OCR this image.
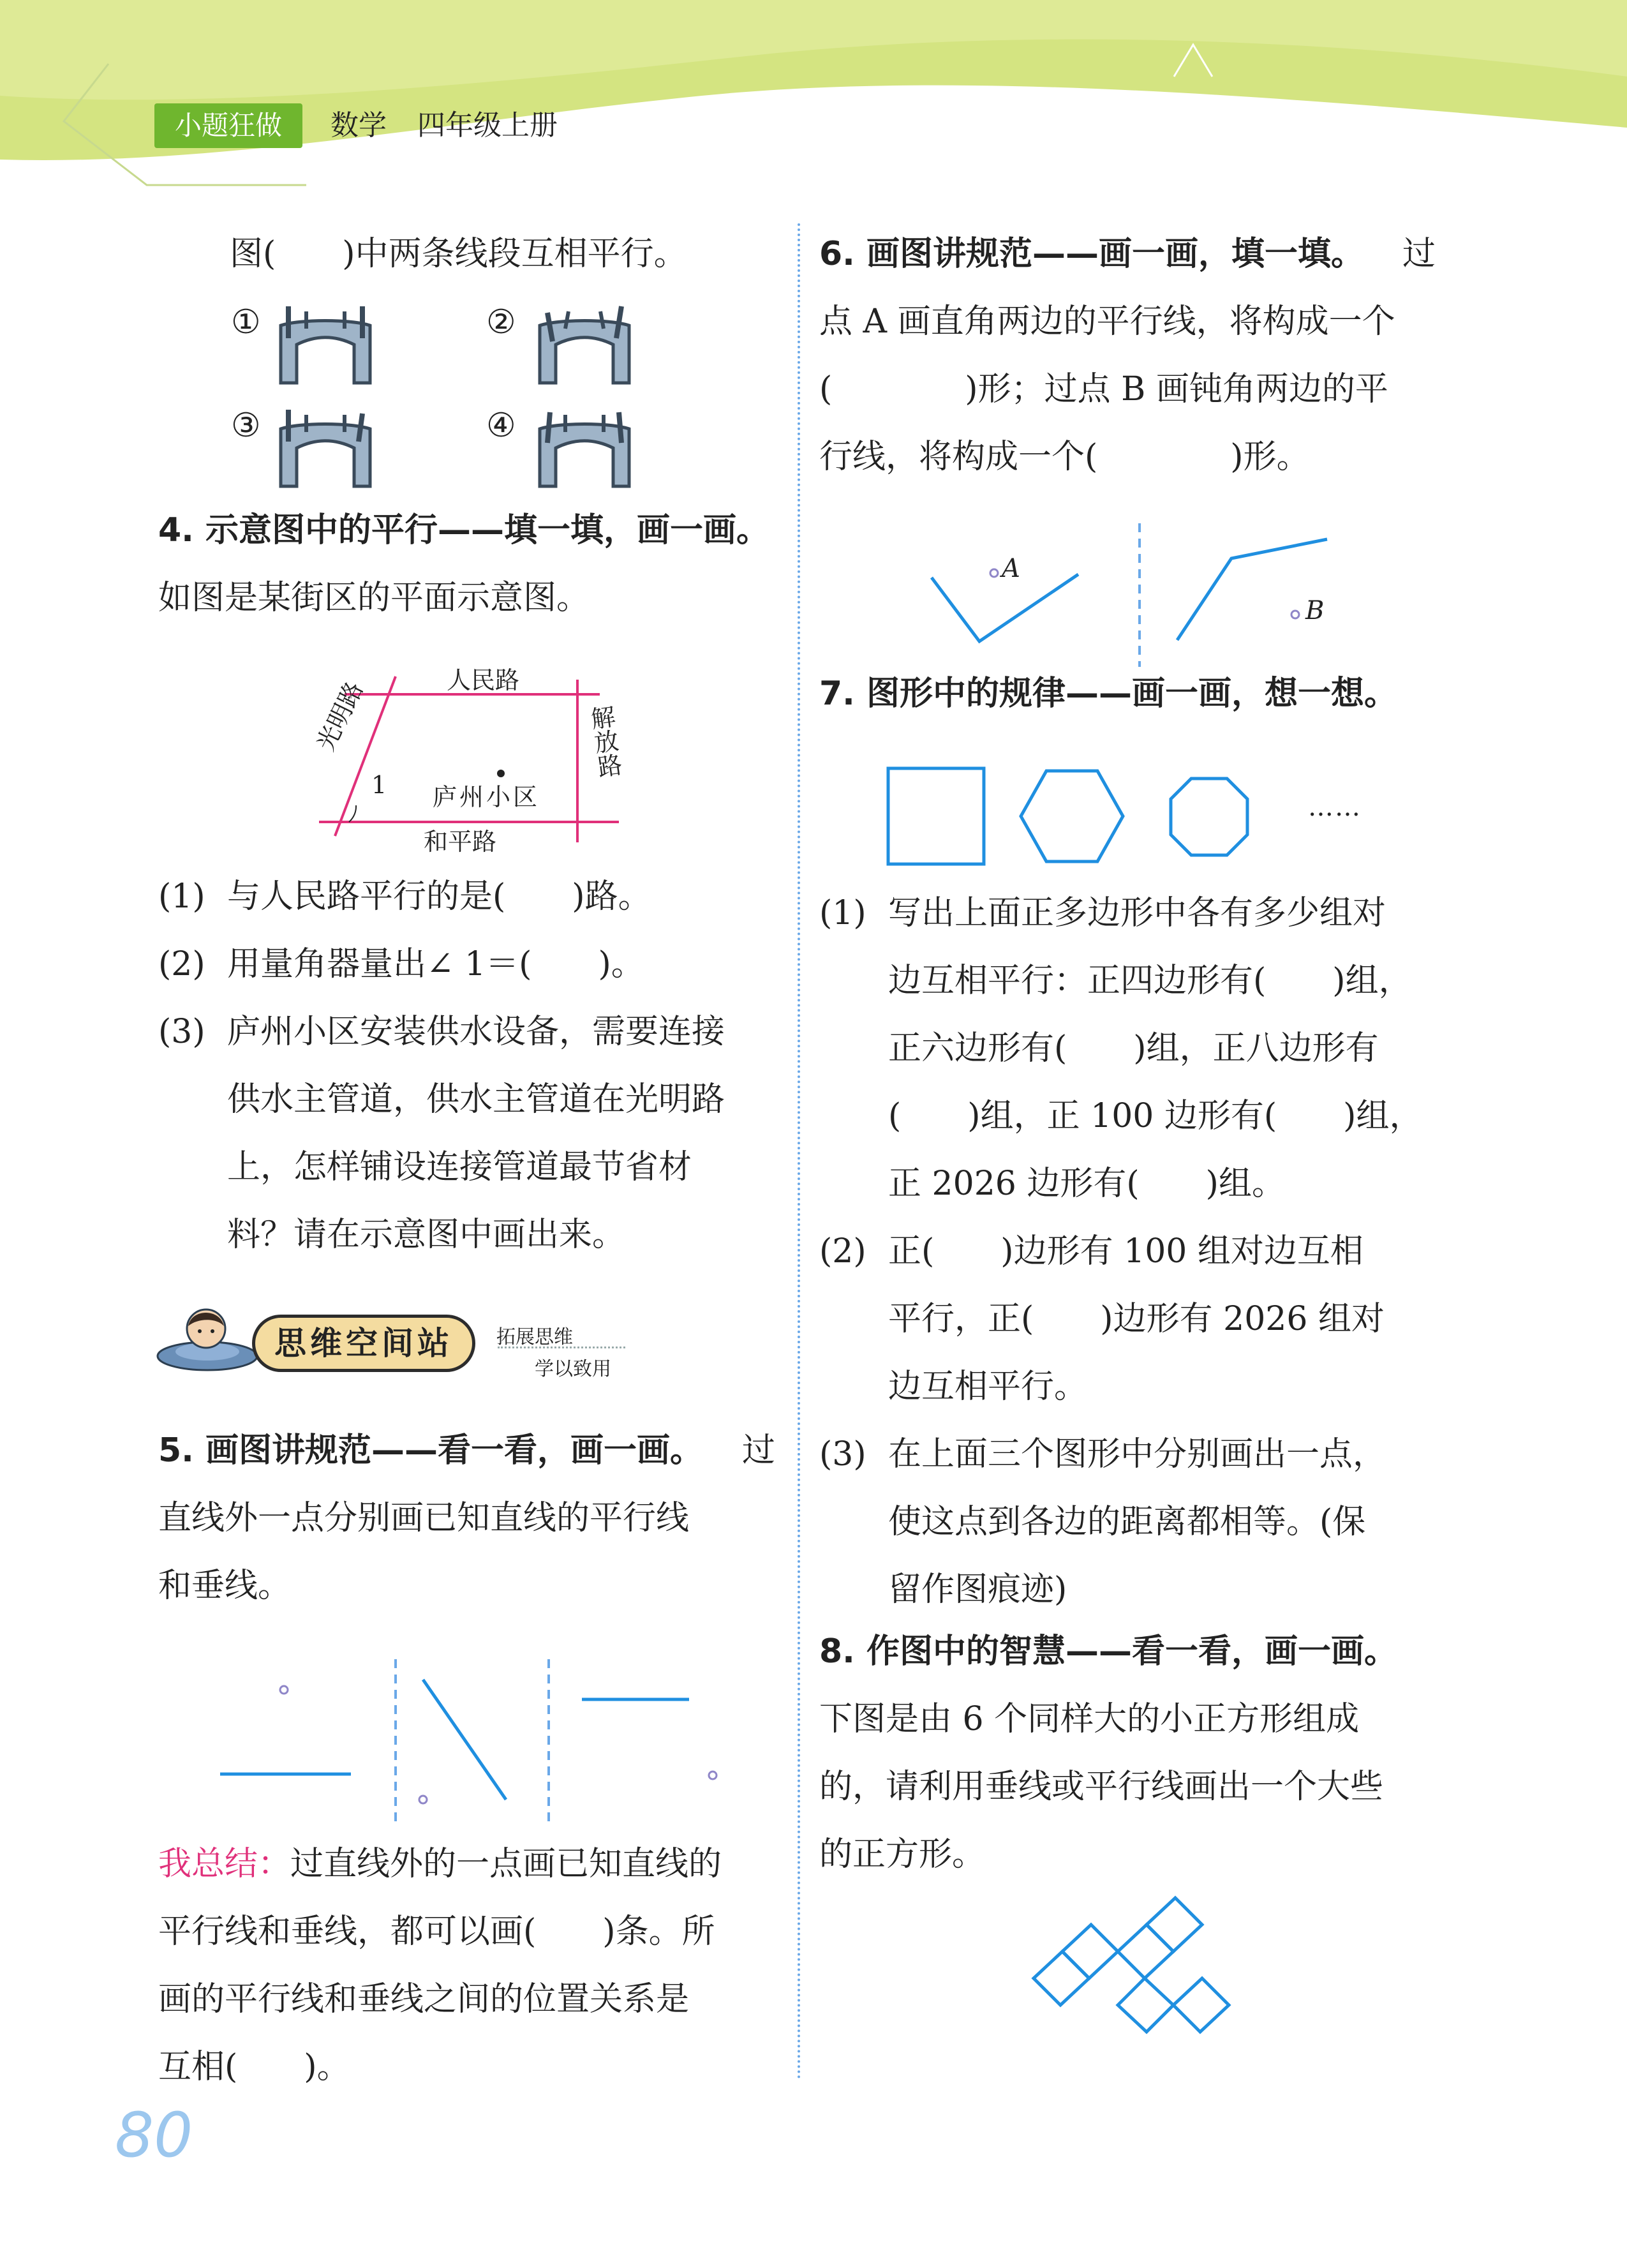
小题狂做	数学 四年级上册
图(　　)中两条线段互相平行。
①	②
③	④
4. 示意图中的平行——填一填，画一画。
如图是某街区的平面示意图。
人民路
和平路
光明路	解放路
庐州小区
1
(1) 与人民路平行的是(　　)路。
(2) 用量角器量出∠ 1＝(　　)。
(3) 庐州小区安装供水设备，需要连接
供水主管道，供水主管道在光明路
上，怎样铺设连接管道最节省材
料？请在示意图中画出来。
思维空间站	拓展思维
学以致用
5. 画图讲规范——看一看，画一画。 过
直线外一点分别画已知直线的平行线
和垂线。
我总结：
过直线外的一点画已知直线的
平行线和垂线，都可以画(　　)条。所
画的平行线和垂线之间的位置关系是
互相(　　)。
80
6. 画图讲规范——画一画，填一填。 过
点 A 画直角两边的平行线，将构成一个
(　　　　)形；过点 B 画钝角两边的平
行线，将构成一个(　　　　)形。
A
B
7. 图形中的规律——画一画，想一想。
……
(1) 写出上面正多边形中各有多少组对
边互相平行：正四边形有(　　)组，
正六边形有(　　)组，正八边形有
(　　)组，正 100 边形有(　　)组，
正 2026 边形有(　　)组。
(2) 正(　　)边形有 100 组对边互相
平行，正(　　)边形有 2026 组对
边互相平行。
(3) 在上面三个图形中分别画出一点，
使这点到各边的距离都相等。(保
留作图痕迹)
8. 作图中的智慧——看一看，画一画。
下图是由 6 个同样大的小正方形组成
的，请利用垂线或平行线画出一个大些
的正方形。
